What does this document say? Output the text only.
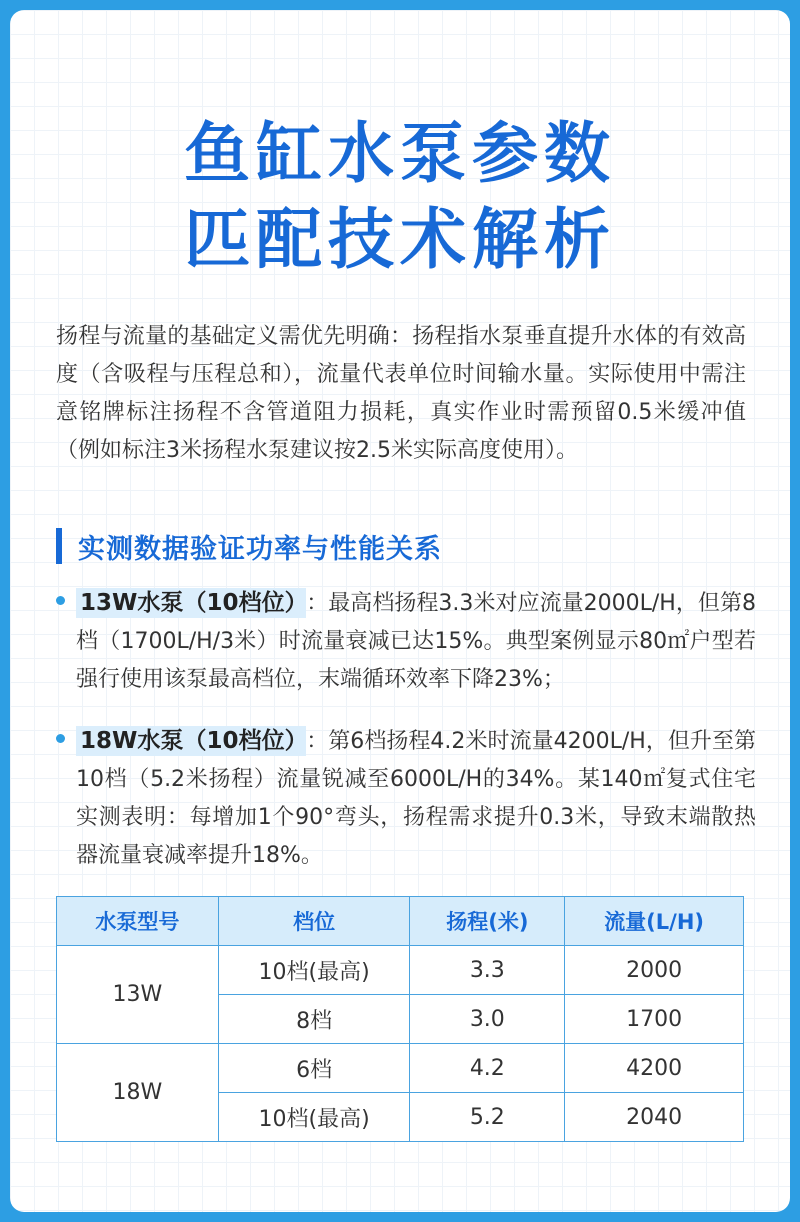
鱼缸水泵参数
匹配技术解析

扬程与流量的基础定义需优先明确：扬程指水泵垂直提升水体的有效高度（含吸程与压程总和），流量代表单位时间输水量。实际使用中需注意铭牌标注扬程不含管道阻力损耗，真实作业时需预留0.5米缓冲值（例如标注3米扬程水泵建议按2.5米实际高度使用）。

实测数据验证功率与性能关系
13W水泵（10档位） ：最高档扬程3.3米对应流量2000L/H，但第8档（1700L/H/3米）时流量衰减已达15%。典型案例显示80㎡户型若强行使用该泵最高档位，末端循环效率下降23%；
18W水泵（10档位） ：第6档扬程4.2米时流量4200L/H，但升至第10档（5.2米扬程）流量锐减至6000L/H的34%。某140㎡复式住宅实测表明：每增加1个90°弯头，扬程需求提升0.3米，导致末端散热器流量衰减率提升18%。
水泵型号	档位	扬程(米)	流量(L/H)
13W	10档(最高)	3.3	2000
	8档	3.0	1700
18W	6档	4.2	4200
	10档(最高)	5.2	2040
